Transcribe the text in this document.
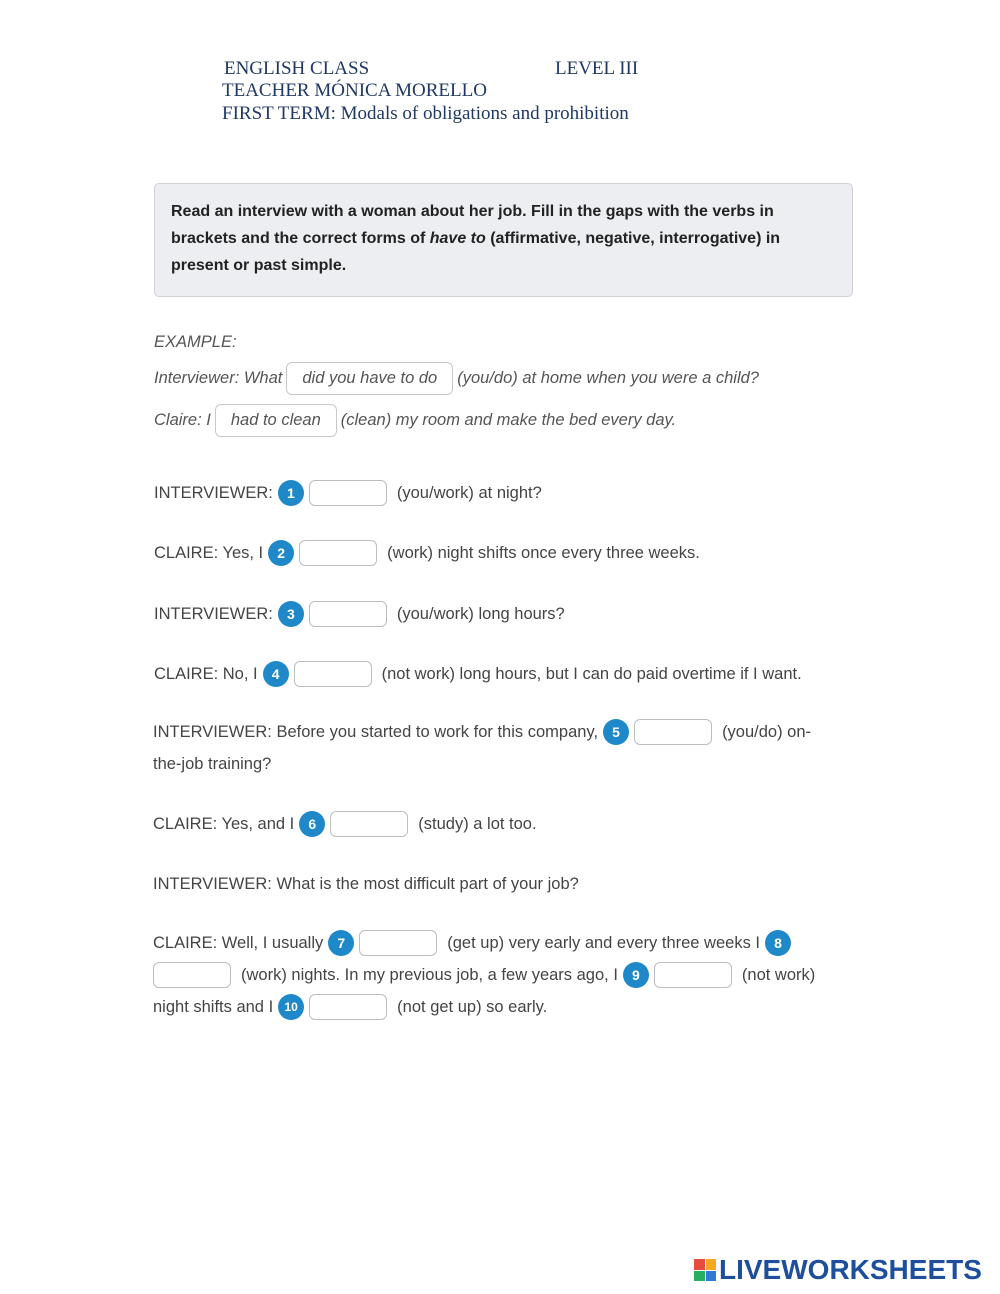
ENGLISH CLASS	LEVEL III
TEACHER MÓNICA MORELLO
FIRST TERM: Modals of obligations and prohibition
Read an interview with a woman about her job. Fill in the gaps with the verbs in brackets and the correct forms of have to (affirmative, negative, interrogative) in present or past simple.
EXAMPLE:
Interviewer: What	did you have to do	(you/do) at home when you were a child?
Claire: I	had to clean	(clean) my room and make the bed every day.
INTERVIEWER:	1	(you/work) at night?
CLAIRE: Yes, I	2	(work) night shifts once every three weeks.
INTERVIEWER:	3	(you/work) long hours?
CLAIRE: No, I	4	(not work) long hours, but I can do paid overtime if I want.
INTERVIEWER: Before you started to work for this company,	5	(you/do) on-
the-job training?
CLAIRE: Yes, and I	6	(study) a lot too.
INTERVIEWER: What is the most difficult part of your job?
CLAIRE: Well, I usually	7	(get up) very early and every three weeks I	8
(work) nights. In my previous job, a few years ago, I	9	(not work)
night shifts and I 10	(not get up) so early.
LIVEWORKSHEETS
